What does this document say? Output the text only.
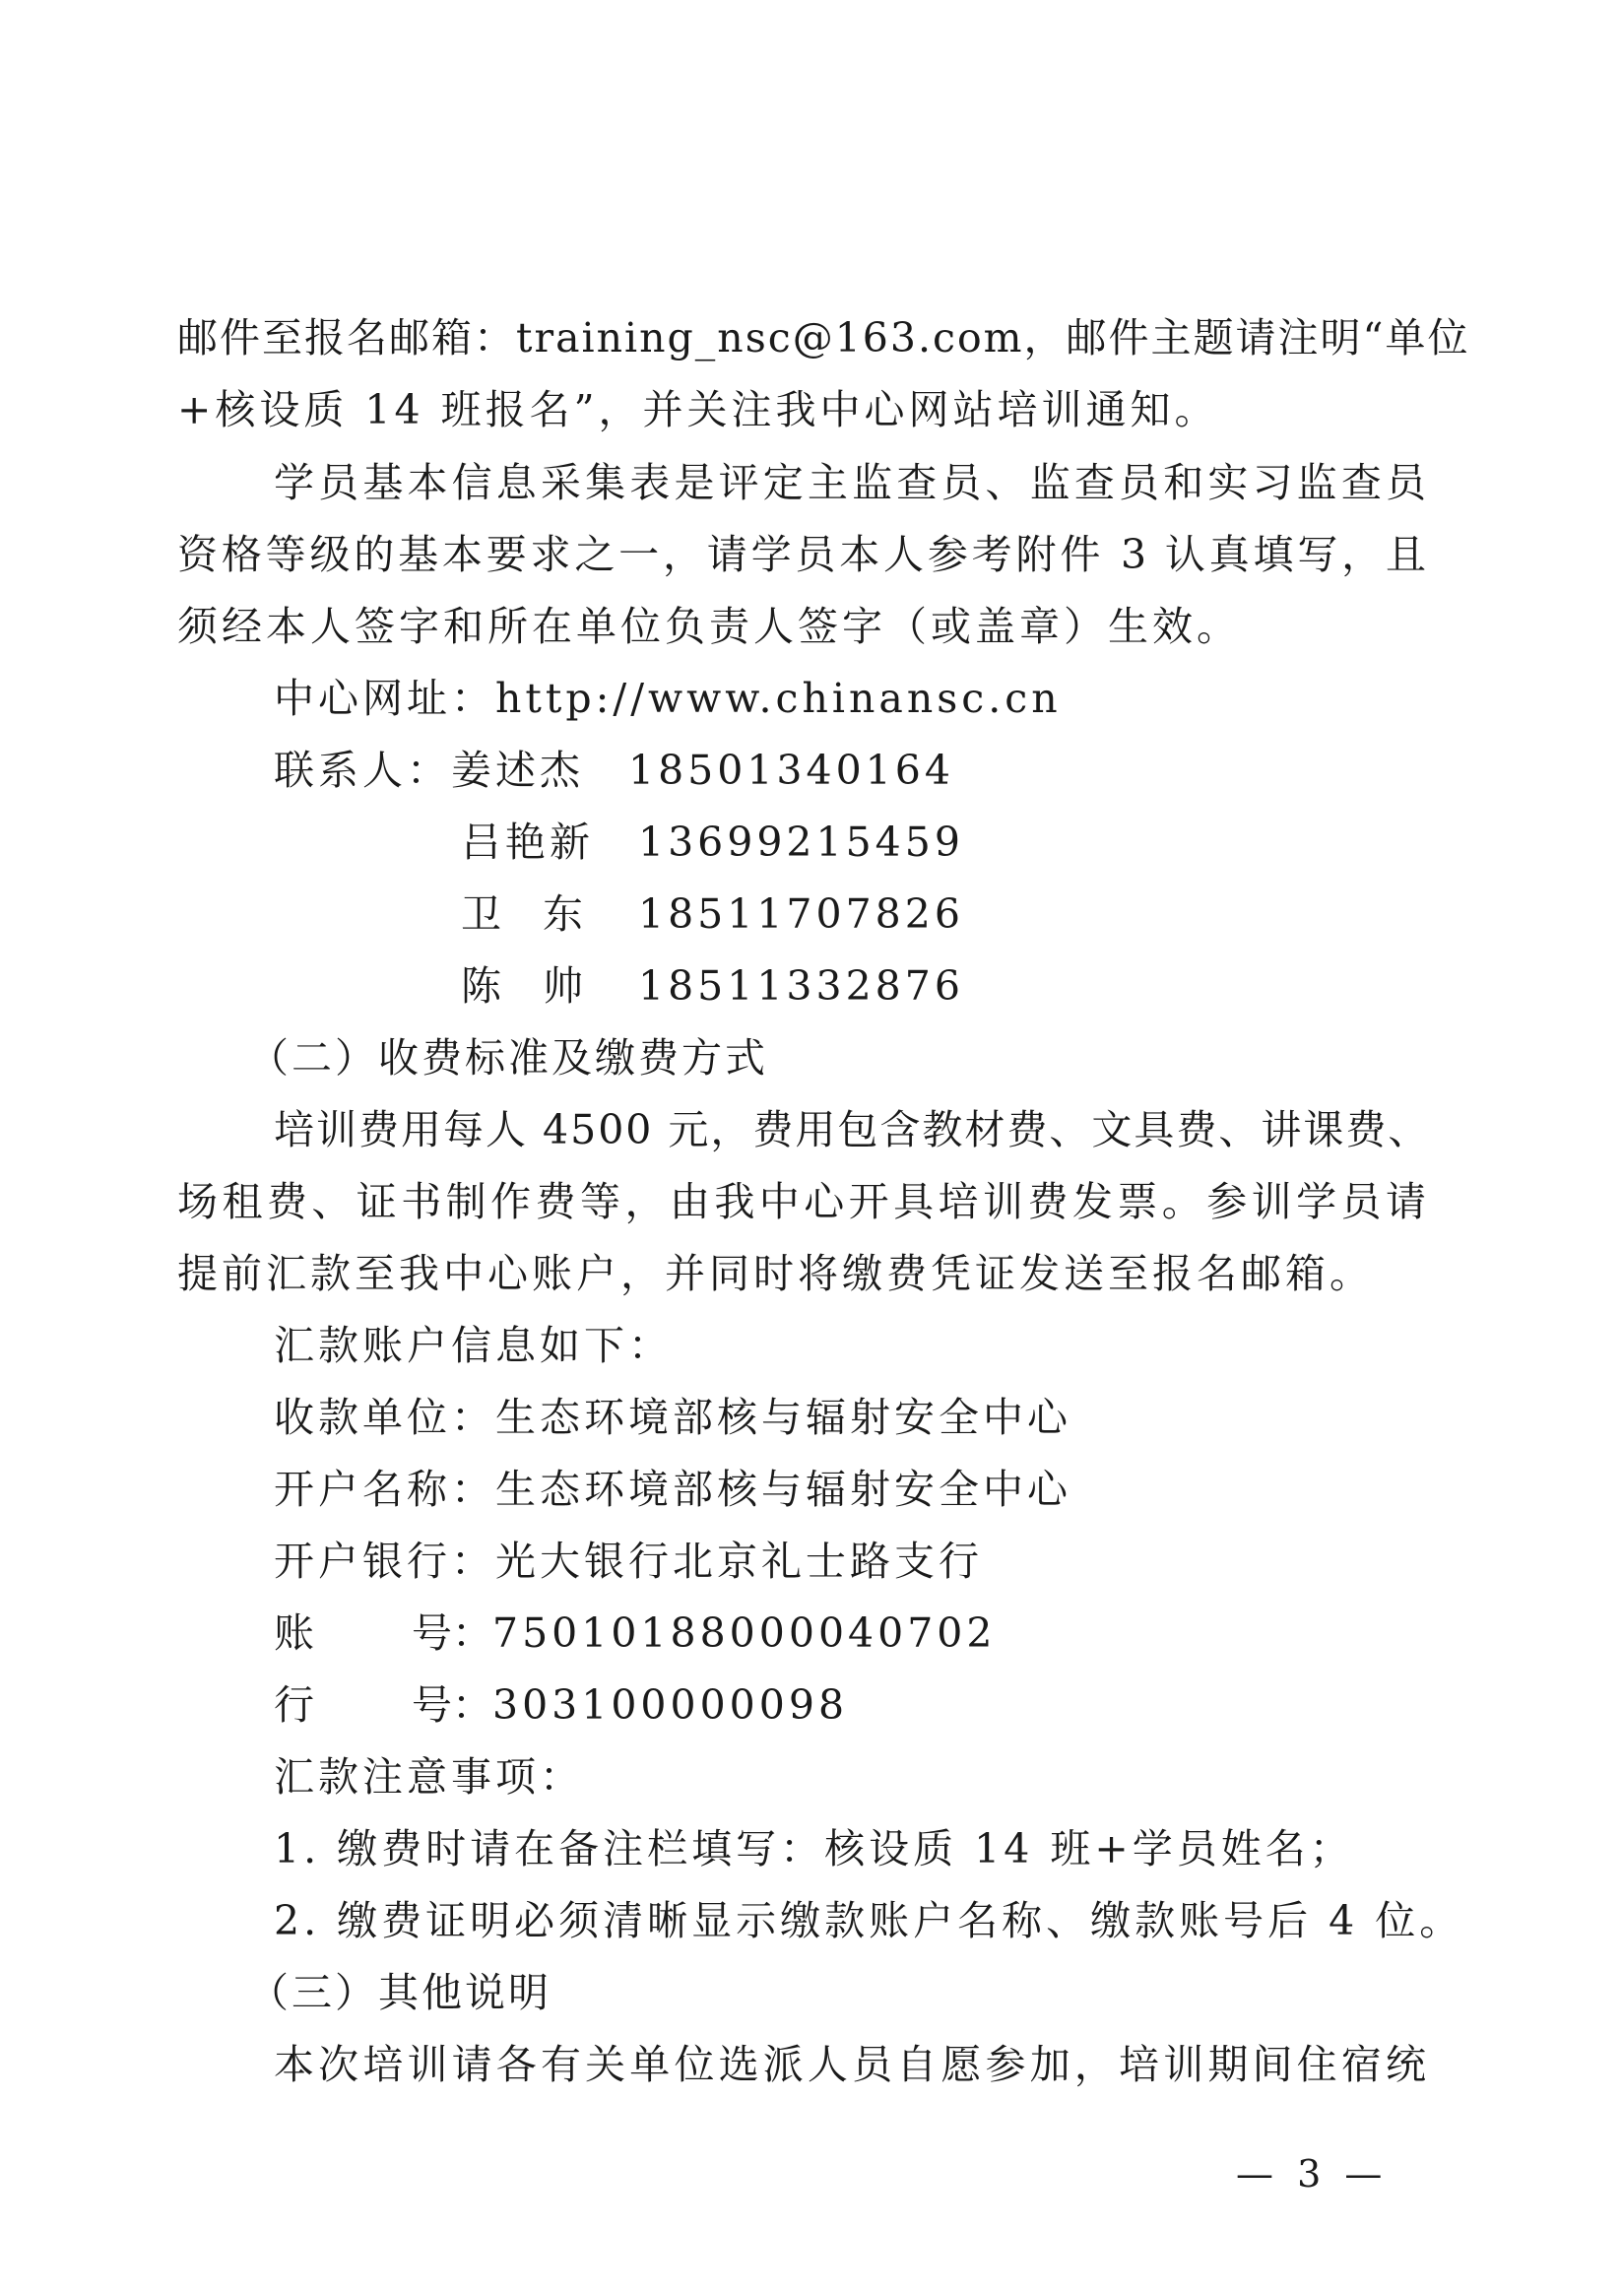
邮件至报名邮箱：training_nsc@163.com，邮件主题请注明“单位
+核设质 14 班报名”，并关注我中心网站培训通知。
学员基本信息采集表是评定主监查员、监查员和实习监查员
资格等级的基本要求之一，请学员本人参考附件 3 认真填写，且
须经本人签字和所在单位负责人签字（或盖章）生效。
中心网址：http://www.chinansc.cn
联系人：姜述杰 18501340164
吕艳新 13699215459
卫东 18511707826
陈帅 18511332876
（二）收费标准及缴费方式
培训费用每人 4500 元，费用包含教材费、文具费、讲课费、
场租费、证书制作费等，由我中心开具培训费发票。参训学员请
提前汇款至我中心账户，并同时将缴费凭证发送至报名邮箱。
汇款账户信息如下：
收款单位：生态环境部核与辐射安全中心
开户名称：生态环境部核与辐射安全中心
开户银行：光大银行北京礼士路支行
账 号：75010188000040702
行 号：303100000098
汇款注意事项：
1. 缴费时请在备注栏填写：核设质 14 班+学员姓名；
2. 缴费证明必须清晰显示缴款账户名称、缴款账号后 4 位。
（三）其他说明
本次培训请各有关单位选派人员自愿参加，培训期间住宿统
— 3 —
